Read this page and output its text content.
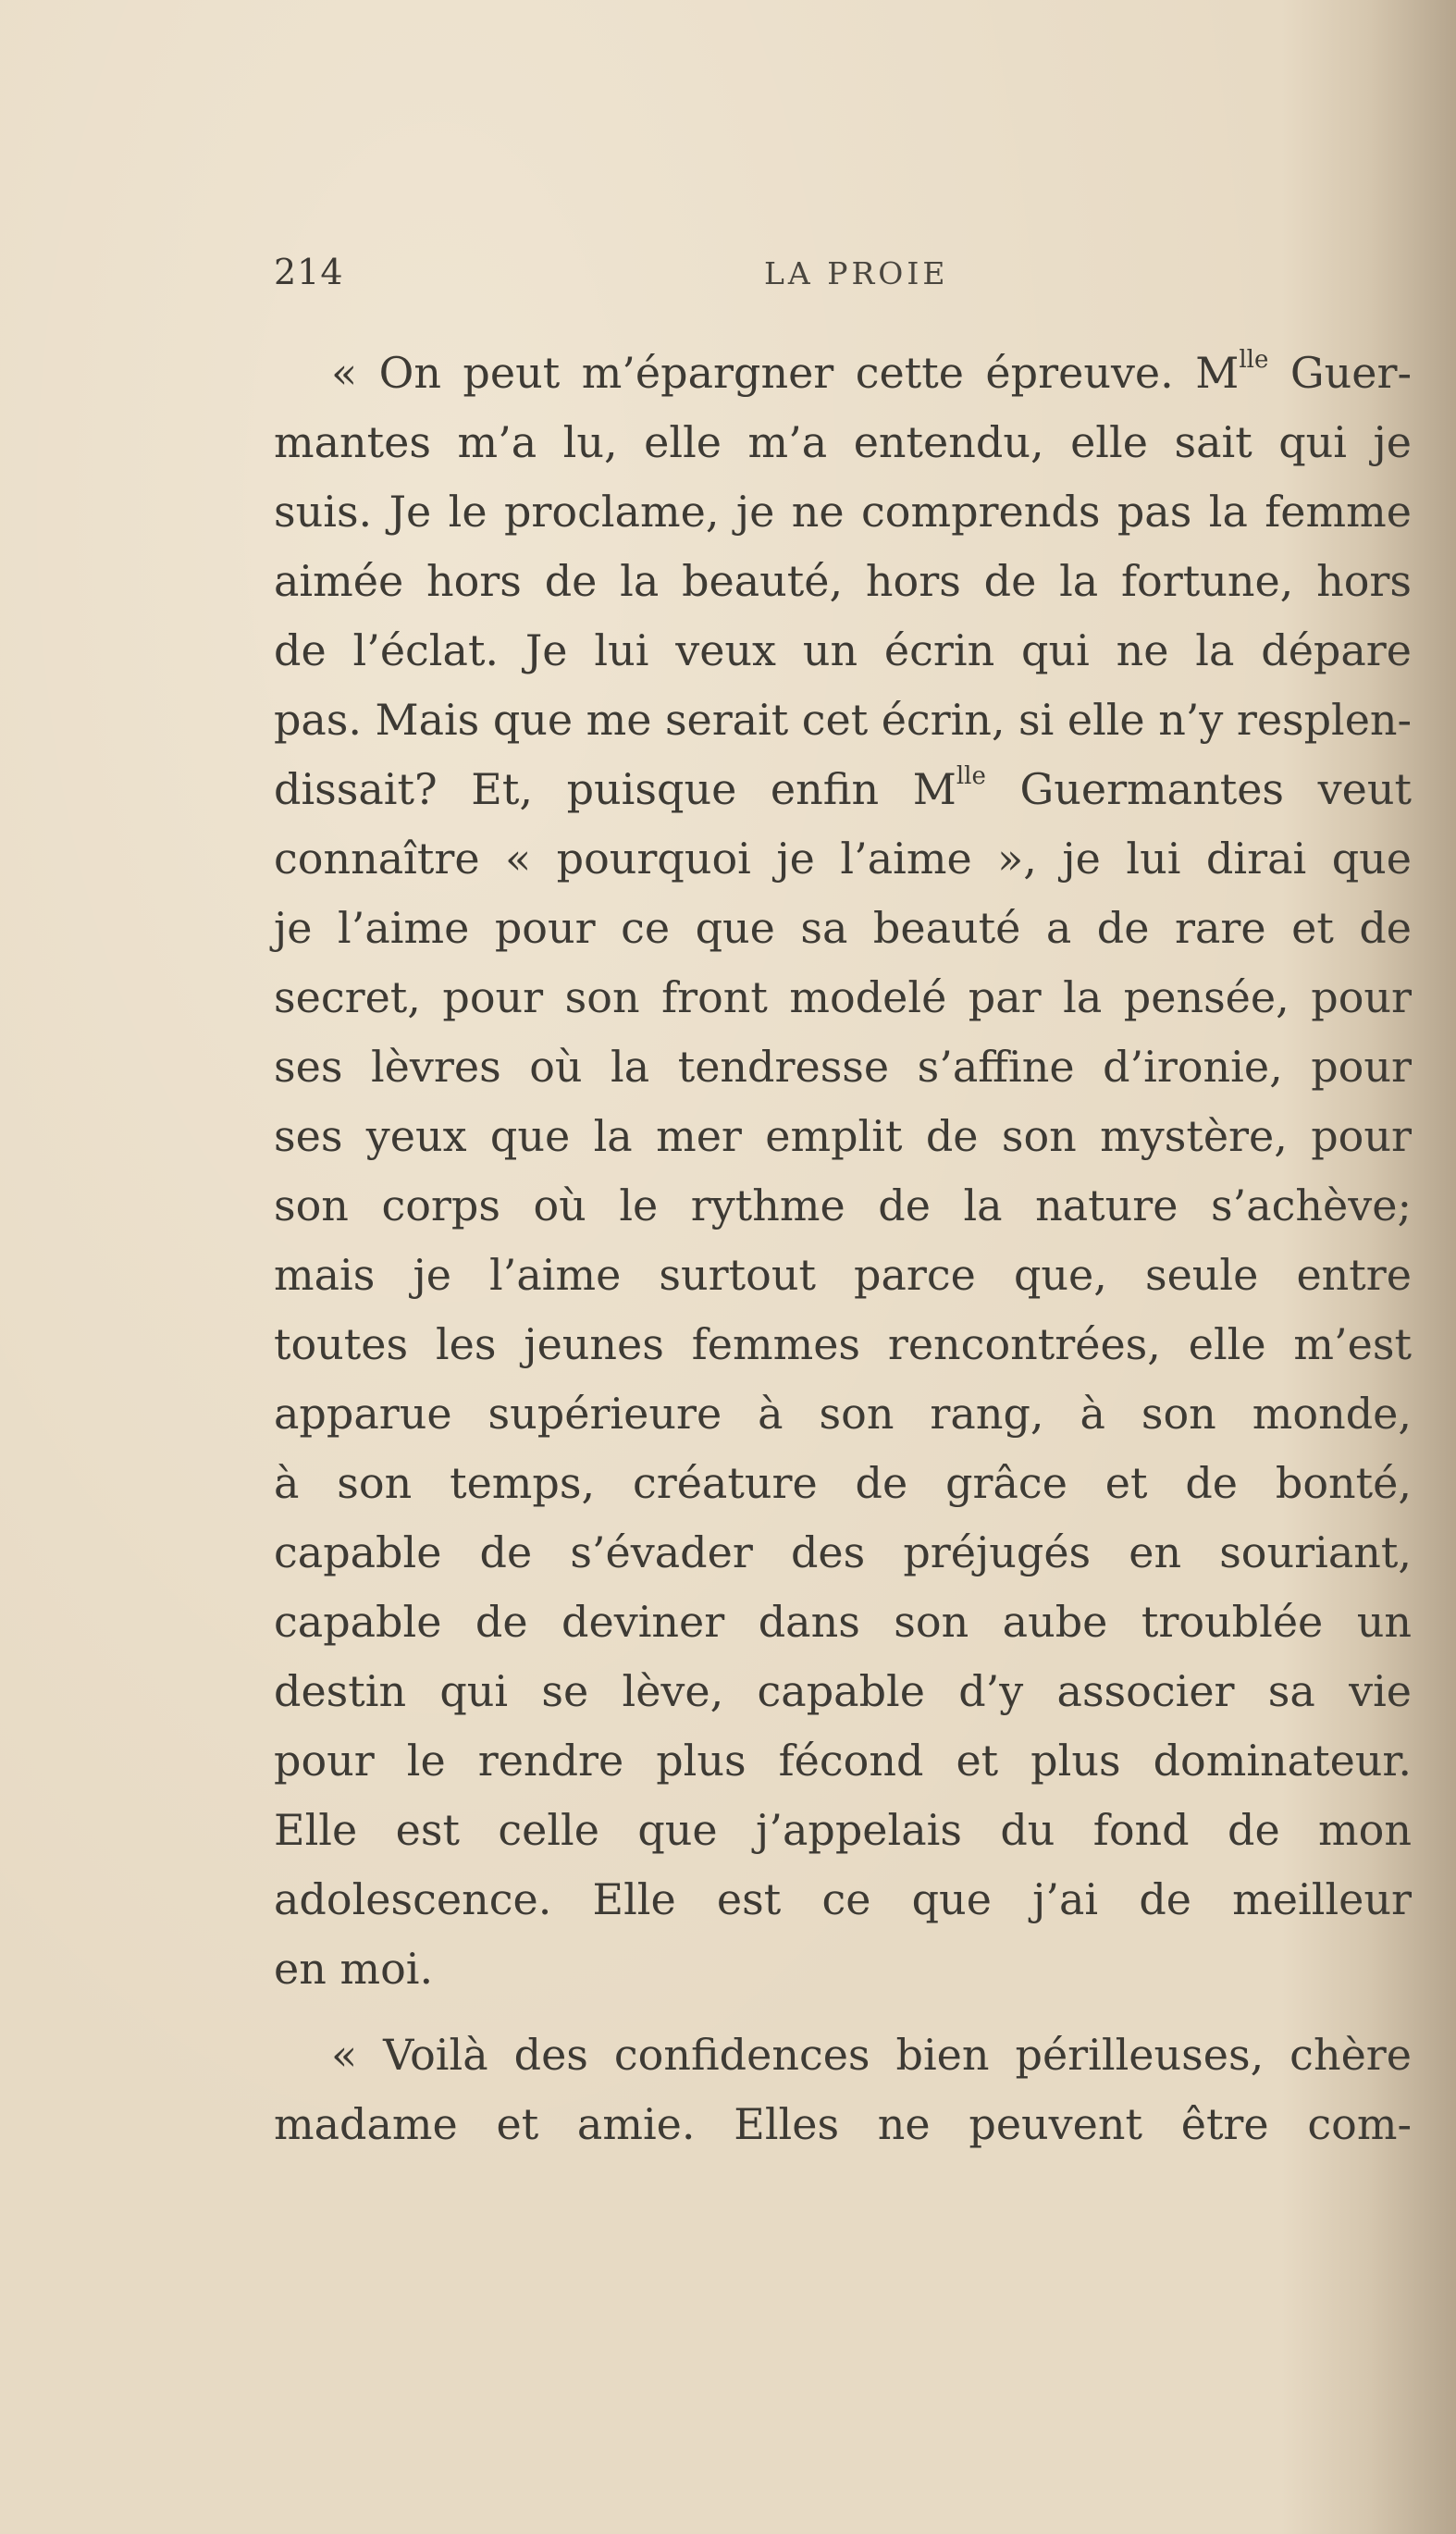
214	LA PROIE
« On peut m’épargner cette épreuve. $M^{lle}$ Guer-
mantes m’a lu, elle m’a entendu, elle sait qui je
suis. Je le proclame, je ne comprends pas la femme
aimée hors de la beauté, hors de la fortune, hors
de l’éclat. Je lui veux un écrin qui ne la dépare
pas. Mais que me serait cet écrin, si elle n’y resplen-
dissait? Et, puisque enfin $M^{lle}$ Guermantes veut
connaître « pourquoi je l’aime », je lui dirai que
je l’aime pour ce que sa beauté a de rare et de
secret, pour son front modelé par la pensée, pour
ses lèvres où la tendresse s’affine d’ironie, pour
ses yeux que la mer emplit de son mystère, pour
son corps où le rythme de la nature s’achève;
mais je l’aime surtout parce que, seule entre
toutes les jeunes femmes rencontrées, elle m’est
apparue supérieure à son rang, à son monde,
à son temps, créature de grâce et de bonté,
capable de s’évader des préjugés en souriant,
capable de deviner dans son aube troublée un
destin qui se lève, capable d’y associer sa vie
pour le rendre plus fécond et plus dominateur.
Elle est celle que j’appelais du fond de mon
adolescence. Elle est ce que j’ai de meilleur
en moi.
« Voilà des confidences bien périlleuses, chère
madame et amie. Elles ne peuvent être com-
